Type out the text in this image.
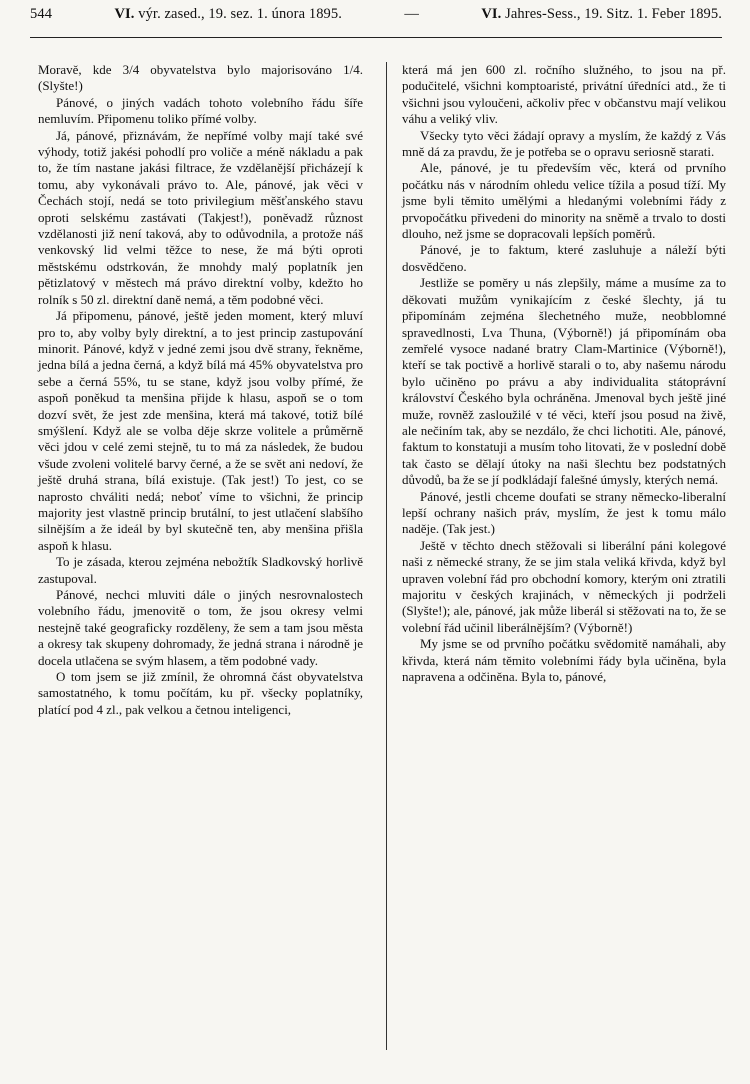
544	VI. výr. zased., 19. sez. 1. února 1895.	—	VI. Jahres-Sess., 19. Sitz. 1. Feber 1895.

Moravě, kde 3/4 obyvatelstva bylo majorisováno 1/4. (Slyšte!)

Pánové, o jiných vadách tohoto volebního řádu šíře nemluvím. Připomenu toliko přímé volby.

Já, pánové, přiznávám, že nepřímé volby mají také své výhody, totiž jakési pohodlí pro voliče a méně nákladu a pak to, že tím nastane jakási filtrace, že vzdělanější přicházejí k tomu, aby vykonávali právo to. Ale, pánové, jak věci v Čechách stojí, nedá se toto privilegium měšťanského stavu oproti selskému zastávati (Takjest!), poněvadž různost vzdělanosti již není taková, aby to odůvodnila, a protože náš venkovský lid velmi těžce to nese, že má býti oproti městskému odstrkován, že mnohdy malý poplatník jen pětizlatový v městech má právo direktní volby, kdežto ho rolník s 50 zl. direktní daně nemá, a těm podobné věci.

Já připomenu, pánové, ještě jeden moment, který mluví pro to, aby volby byly direktní, a to jest princip zastupování minorit. Pánové, když v jedné zemi jsou dvě strany, řekněme, jedna bílá a jedna černá, a když bílá má 45% obyvatelstva pro sebe a černá 55%, tu se stane, když jsou volby přímé, že aspoň poněkud ta menšina přijde k hlasu, aspoň se o tom dozví svět, že jest zde menšina, která má takové, totiž bílé smýšlení. Když ale se volba děje skrze volitele a průměrně věci jdou v celé zemi stejně, tu to má za následek, že budou všude zvoleni volitelé barvy černé, a že se svět ani nedoví, že ještě druhá strana, bílá existuje. (Tak jest!) To jest, co se naprosto chváliti nedá; neboť víme to všichni, že princip majority jest vlastně princip brutální, to jest utlačení slabšího silnějším a že ideál by byl skutečně ten, aby menšina přišla aspoň k hlasu.

To je zásada, kterou zejména nebožtík Sladkovský horlivě zastupoval.

Pánové, nechci mluviti dále o jiných nesrovnalostech volebního řádu, jmenovitě o tom, že jsou okresy velmi nestejně také geograficky rozděleny, že sem a tam jsou města a okresy tak skupeny dohromady, že jedná strana i národně je docela utlačena se svým hlasem, a těm podobné vady.

O tom jsem se již zmínil, že ohromná část obyvatelstva samostatného, k tomu počítám, ku př. všecky poplatníky, platící pod 4 zl., pak velkou a četnou inteligenci,

která má jen 600 zl. ročního služného, to jsou na př. podučitelé, všichni komptoaristé, privátní úředníci atd., že ti všichni jsou vyloučeni, ačkoliv přec v občanstvu mají velikou váhu a veliký vliv.

Všecky tyto věci žádají opravy a myslím, že každý z Vás mně dá za pravdu, že je potřeba se o opravu seriosně starati.

Ale, pánové, je tu především věc, která od prvního počátku nás v národním ohledu velice tížila a posud tíží. My jsme byli těmito umělými a hledanými volebními řády z prvopočátku přivedeni do minority na sněmě a trvalo to dosti dlouho, než jsme se dopracovali lepších poměrů.

Pánové, je to faktum, které zasluhuje a náleží býti dosvědčeno.

Jestliže se poměry u nás zlepšily, máme a musíme za to děkovati mužům vynikajícím z české šlechty, já tu připomínám zejména šlechetného muže, neobblomné spravedlnosti, Lva Thuna, (Výborně!) já připomínám oba zemřelé vysoce nadané bratry Clam-Martinice (Výborně!), kteří se tak poctivě a horlivě starali o to, aby našemu národu bylo učiněno po právu a aby individualita státoprávní království Českého byla ochráněna. Jmenoval bych ještě jiné muže, rovněž zasloužilé v té věci, kteří jsou posud na živě, ale nečiním tak, aby se nezdálo, že chci lichotiti. Ale, pánové, faktum to konstatuji a musím toho litovati, že v poslední době tak často se dělají útoky na naši šlechtu bez podstatných důvodů, ba že se jí podkládají falešné úmysly, kterých nemá.

Pánové, jestli chceme doufati se strany německo-liberalní lepší ochrany našich práv, myslím, že jest k tomu málo naděje. (Tak jest.)

Ještě v těchto dnech stěžovali si liberální páni kolegové naši z německé strany, že se jim stala veliká křivda, když byl upraven volební řád pro obchodní komory, kterým oni ztratili majoritu v českých krajinách, v německých ji podrželi (Slyšte!); ale, pánové, jak může liberál si stěžovati na to, že se volební řád učinil liberálnějším? (Výborně!)

My jsme se od prvního počátku svědomitě namáhali, aby křivda, která nám těmito volebními řády byla učiněna, byla napravena a odčiněna. Byla to, pánové,
